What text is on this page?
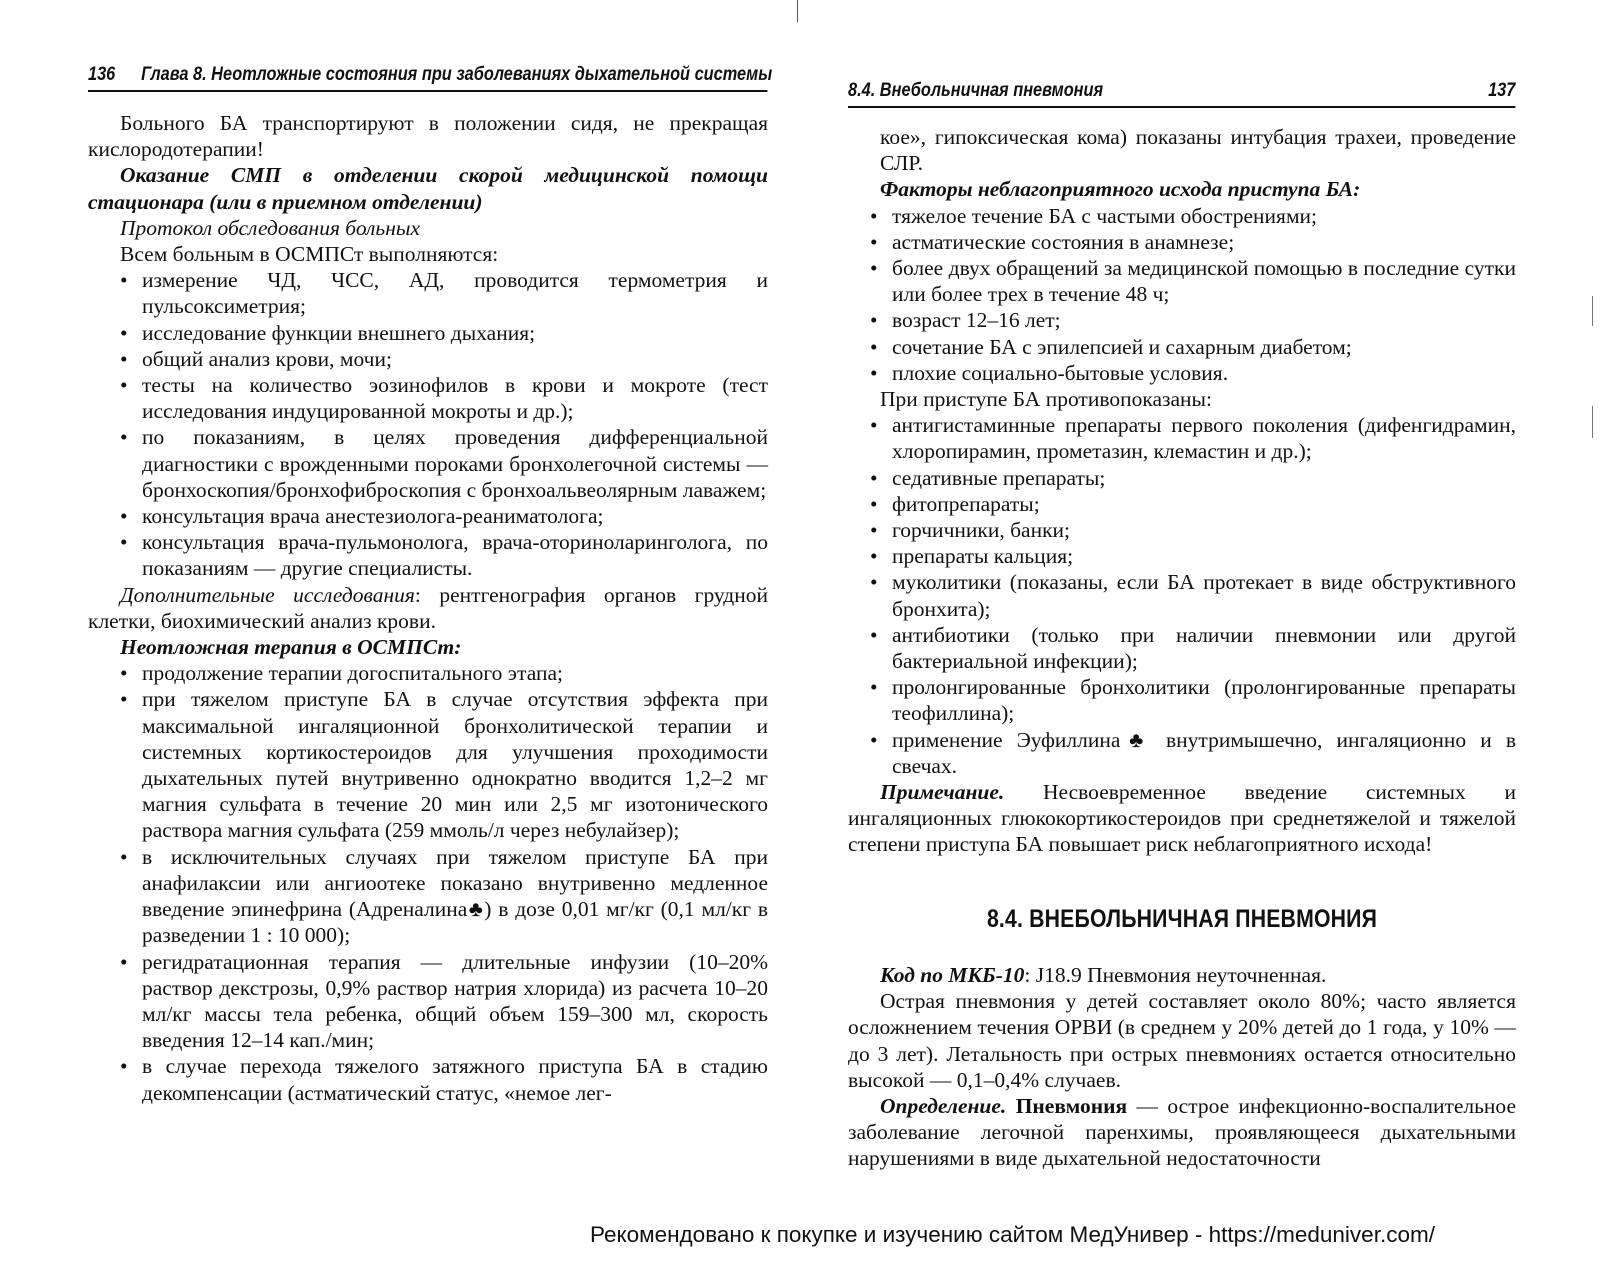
136 Глава 8. Неотложные состояния при заболеваниях дыхательной системы

Больного БА транспортируют в положении сидя, не прекращая кислородотерапии!

Оказание СМП в отделении скорой медицинской помощи стационара (или в приемном отделении)

Протокол обследования больных

Всем больным в ОСМПСт выполняются:

• измерение ЧД, ЧСС, АД, проводится термометрия и пульсоксиметрия;
• исследование функции внешнего дыхания;
• общий анализ крови, мочи;
• тесты на количество эозинофилов в крови и мокроте (тест исследования индуцированной мокроты и др.);
• по показаниям, в целях проведения дифференциальной диагностики с врожденными пороками бронхолегочной системы — бронхоскопия/бронхофиброскопия с бронхоальвеолярным лаважем;
• консультация врача анестезиолога-реаниматолога;
• консультация врача-пульмонолога, врача-оториноларинголога, по показаниям — другие специалисты.

Дополнительные исследования: рентгенография органов грудной клетки, биохимический анализ крови.

Неотложная терапия в ОСМПСт:

• продолжение терапии догоспитального этапа;
• при тяжелом приступе БА в случае отсутствия эффекта при максимальной ингаляционной бронхолитической терапии и системных кортикостероидов для улучшения проходимости дыхательных путей внутривенно однократно вводится 1,2–2 мг магния сульфата в течение 20 мин или 2,5 мг изотонического раствора магния сульфата (259 ммоль/л через небулайзер);
• в исключительных случаях при тяжелом приступе БА при анафилаксии или ангиоотеке показано внутривенно медленное введение эпинефрина (Адреналина♣) в дозе 0,01 мг/кг (0,1 мл/кг в разведении 1 : 10 000);
• регидратационная терапия — длительные инфузии (10–20% раствор декстрозы, 0,9% раствор натрия хлорида) из расчета 10–20 мл/кг массы тела ребенка, общий объем 159–300 мл, скорость введения 12–14 кап./мин;
• в случае перехода тяжелого затяжного приступа БА в стадию декомпенсации (астматический статус, «немое лег-
8.4. Внебольничная пневмония	137

кое», гипоксическая кома) показаны интубация трахеи, проведение СЛР.

Факторы неблагоприятного исхода приступа БА:

• тяжелое течение БА с частыми обострениями;
• астматические состояния в анамнезе;
• более двух обращений за медицинской помощью в последние сутки или более трех в течение 48 ч;
• возраст 12–16 лет;
• сочетание БА с эпилепсией и сахарным диабетом;
• плохие социально-бытовые условия.

При приступе БА противопоказаны:

• антигистаминные препараты первого поколения (дифенгидрамин, хлоропирамин, прометазин, клемастин и др.);
• седативные препараты;
• фитопрепараты;
• горчичники, банки;
• препараты кальция;
• муколитики (показаны, если БА протекает в виде обструктивного бронхита);
• антибиотики (только при наличии пневмонии или другой бактериальной инфекции);
• пролонгированные бронхолитики (пролонгированные препараты теофиллина);
• применение Эуфиллина♣ внутримышечно, ингаляционно и в свечах.

Примечание. Несвоевременное введение системных и ингаляционных глюкокортикостероидов при среднетяжелой и тяжелой степени приступа БА повышает риск неблагоприятного исхода!

8.4. ВНЕБОЛЬНИЧНАЯ ПНЕВМОНИЯ

Код по МКБ-10: J18.9 Пневмония неуточненная.

Острая пневмония у детей составляет около 80%; часто является осложнением течения ОРВИ (в среднем у 20% детей до 1 года, у 10% — до 3 лет). Летальность при острых пневмониях остается относительно высокой — 0,1–0,4% случаев.

Определение. Пневмония — острое инфекционно-воспалительное заболевание легочной паренхимы, проявляющееся дыхательными нарушениями в виде дыхательной недостаточности

Рекомендовано к покупке и изучению сайтом МедУнивер - https://meduniver.com/
